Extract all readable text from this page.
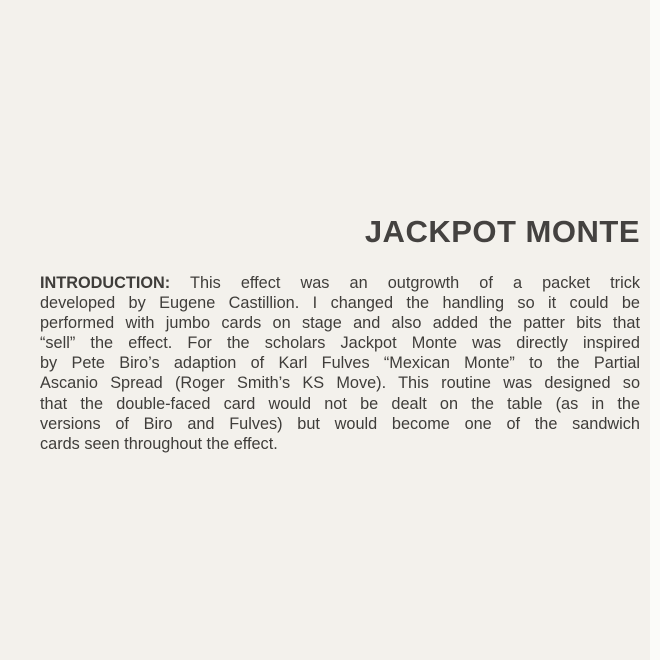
JACKPOT MONTE
INTRODUCTION: This effect was an outgrowth of a packet trick
developed by Eugene Castillion. I changed the handling so it could be
performed with jumbo cards on stage and also added the patter bits that
“sell” the effect. For the scholars Jackpot Monte was directly inspired
by Pete Biro’s adaption of Karl Fulves “Mexican Monte” to the Partial
Ascanio Spread (Roger Smith’s KS Move). This routine was designed so
that the double-faced card would not be dealt on the table (as in the
versions of Biro and Fulves) but would become one of the sandwich
cards seen throughout the effect.
